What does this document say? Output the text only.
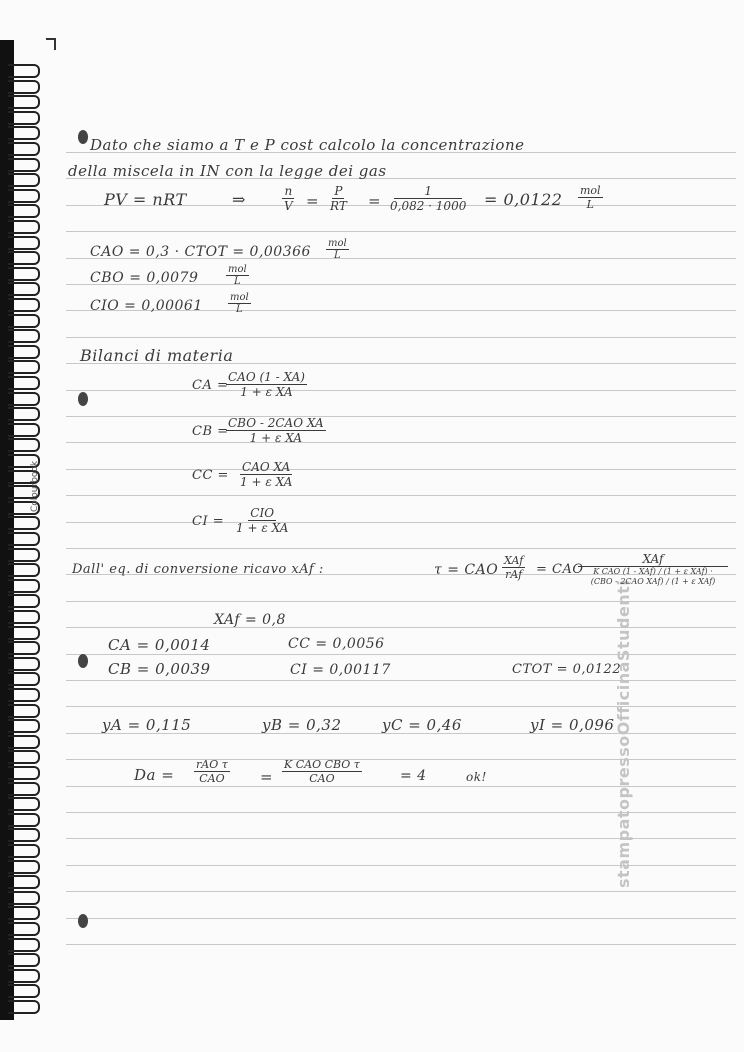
Colourbook
stampatopressoOfficinaStudenti
Dato che siamo a T e P cost calcolo la concentrazione
della miscela in IN con la legge dei gas
PV = nRT	⇒	$\frac{n}{V} = \frac{P}{RT} = \frac{1}{0,082 \cdot 1000} = 0,0122$ mol
L
CAO = 0,3 · CTOT = 0,00366
mol
L
CBO = 0,0079
mol
L
CIO = 0,00061
mol
L
Bilanci di materia
CA =
CAO (1 - XA)
1 + ε XA
CB =
CBO - 2CAO XA
1 + ε XA
CC =
CAO XA
1 + ε XA
CI =
CIO
1 + ε XA
Dall' eq. di conversione ricavo xAf :	τ = CAO
XAf
rAf = CAO
XAf
K CAO (1 - XAf) / (1 + ε XAf) · (CBO - 2CAO XAf) / (1 + ε XAf)
XAf = 0,8
CA = 0,0014
CB = 0,0039
CC = 0,0056
CI = 0,00117	CTOT = 0,0122
yA = 0,115	yB = 0,32	yC = 0,46	yI = 0,096
Da =
rAO τ
CAO =
K CAO CBO τ
CAO	= 4	ok!
